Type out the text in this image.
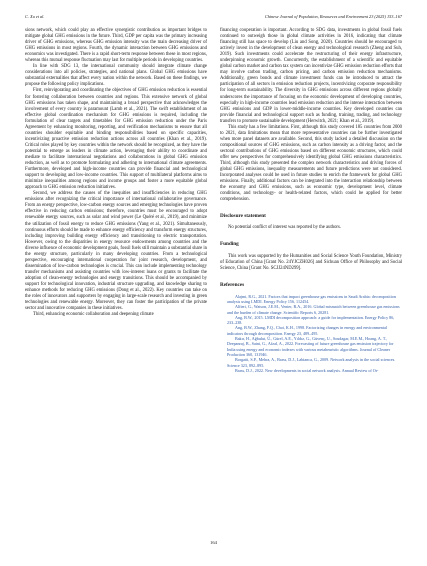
C. Xu et al.	Chinese Journal of Population, Resources and Environment 23 (2025) 153–167

sions network, which could play an effective synergistic contribution as important bridges to mitigate global GHG emissions in the future. Third, GDP per capita was the primary increasing driver of GHG emissions, whereas GHG emission intensity was the main decreasing driver of GHG emissions in most regions. Fourth, the dynamic interaction between GHG emissions and economics was investigated. There is a rapid short-term response between these in most regions, whereas this mutual response fluctuation may last for multiple periods in developing countries.

In line with SDG 13, the international community should integrate climate change considerations into all policies, strategies, and national plans. Global GHG emissions have substantial externalities that affect every nation within the network. Based on these findings, we propose the following policy implications.

First, reinvigorating and coordinating the objectives of GHG emission reduction is essential for fostering collaboration between countries and regions. This extensive network of global GHG emissions has taken shape, and maintaining a broad perspective that acknowledges the involvement of every country is paramount (Lamb et al., 2021). The swift establishment of an effective global coordination mechanism for GHG emissions is required, including the formulation of clear targets and timetables for GHG emission reduction under the Paris Agreement by enhancing monitoring, reporting, and verification mechanisms to ensure that all countries shoulder equitable and binding responsibilities based on specific capacities, incentivizing proactive emission reduction actions across all countries (Khan et al., 2019). Critical roles played by key countries within the network should be recognized, as they have the potential to emerge as leaders in climate action, leveraging their ability to coordinate and mediate to facilitate international negotiations and collaborations in global GHG emission reduction, as well as to promote formulating and adhering to international climate agreements. Furthermore, developed and high-income countries can provide financial and technological support to developing and low-income countries. This support of multilateral platforms aims to minimize inequalities among regions and income groups and foster a more equitable global approach to GHG emission reduction initiatives.

Second, we address the causes of the inequities and insufficiencies in reducing GHG emissions after recognizing the critical importance of international collaborative governance. From an energy perspective, low-carbon energy sources and emerging technologies have proven effective in reducing carbon emissions; therefore, countries must be encouraged to adopt renewable energy sources, such as solar and wind power (Le Quéré et al., 2019), and minimize the utilization of fossil energy to reduce GHG emissions (Yang et al., 2021). Simultaneously, continuous efforts should be made to enhance energy efficiency and transform energy structures, including improving building energy efficiency and transitioning to electric transportation. However, owing to the disparities in energy resource endowments among countries and the diverse influence of economic development goals, fossil fuels still maintain a substantial share in the energy structure, particularly in many developing countries. From a technological perspective, encouraging international cooperation for joint research, development, and dissemination of low-carbon technologies is crucial. This can include implementing technology transfer mechanisms and assisting countries with low-interest loans or grants to facilitate the adoption of clean-energy technologies and energy transitions. This should be accompanied by support for technological innovation, industrial structure upgrading, and knowledge sharing to enhance methods for reducing GHG emissions (Dong et al., 2022). Key countries can take on the roles of innovators and supporters by engaging in large-scale research and investing in green technologies and renewable energy. Moreover, they can foster the participation of the private sector and innovative companies in these initiatives.

Third, enhancing economic collaboration and deepening climate

financing cooperation is important. According to SDG data, investments in global fossil fuels continued to outweigh those in global climate activities in 2016, indicating that climate financing still has space to develop (Liu and Song, 2020). Countries should be encouraged to actively invest in the development of clean energy and technological research (Zheng and Suh, 2019). Such investments could accelerate the restructuring of their energy infrastructure, underpinning economic growth. Concurrently, the establishment of a scientific and equitable global carbon market and carbon tax system can incentivize GHG emission reduction efforts that may involve carbon trading, carbon pricing, and carbon emission reduction mechanisms. Additionally, green bonds and climate investment funds can be introduced to attract the participation of all sectors in emission reduction projects, incentivizing corporate responsibility for long-term sustainability. The diversity in GHG emissions across different regions globally underscores the importance of focusing on the economic development of developing countries, especially in high-income countries lead emission reduction and the intense interaction between GHG emissions and GDP in lower-middle-income countries. Key developed countries can provide financial and technological support such as funding, training, trading, and technology transfers to promote sustainable development (Herwitch, 2021; Khan et al., 2019).

This study has a few limitations. First, although this study covered 185 countries from 2000 to 2021, data limitations mean that more representative countries can be further investigated when more panel datasets are available. Second, this study lacked a detailed discussion on the compositional sources of GHG emissions, such as carbon intensity as a driving factor, and the sectoral contributions of GHG emissions based on different economic structures, which could offer new perspectives for comprehensively identifying global GHG emissions characteristics. Third, although this study presented the complex network characteristics and driving forces of global GHG emissions, inequality measurements and future predictions were not considered. Incorporated analyses could be used in future studies to enrich the framework for global GHG emissions. Finally, additional factors can be integrated into the interaction relationship between the economy and GHG emissions, such as economic type, development level, climate conditions, and technology- or health-related factors, which could be applied for better comprehension.

Disclosure statement

No potential conflict of interest was reported by the authors.

Funding

This work was supported by the Humanities and Social Science Youth Foundation, Ministry of Education of China [Grant No. 24YJCZH026] and Sichuan Office of Philosophy and Social Science, China [Grant No. SCJJ24ND299].

References

Alajmi, R.G., 2021. Factors that impact greenhouse gas emissions in Saudi Arabia: decomposition analysis using LMDI. Energy Policy 156, 112454.

Alfieri, G., Watson, J.E.M., Venter, R.A., 2016. Global mismatch between greenhouse gas emissions and the burden of climate change. Scientific Reports 6, 20281.

Ang, B.W., 2015. LMDI decomposition approach: a guide for implementation. Energy Policy 86, 233–238.

Ang, B.W., Zhang, F.Q., Choi, K.H., 1998. Factorizing changes in energy and environmental indicators through decomposition. Energy 23, 489–495.

Bakır, H., Ağbulut, Ü., Gürel, A.E., Yıldız, G., Güvenç, U., Soudagar, M.E.M., Hoang, A. T., Deepanraj, B., Saini, G., Afzal, A., 2022. Forecasting of future greenhouse gas emission trajectory for India using energy and economic indexes with various metaheuristic algorithms. Journal of Cleaner Production 360, 131946.

Borgatti, S.P., Mehra, A., Brass, D.J., Labianca, G., 2009. Network analysis in the social sciences. Science 323, 892–895.

Brass, D.J., 2022. New developments in social network analysis. Annual Review of Or-

164
